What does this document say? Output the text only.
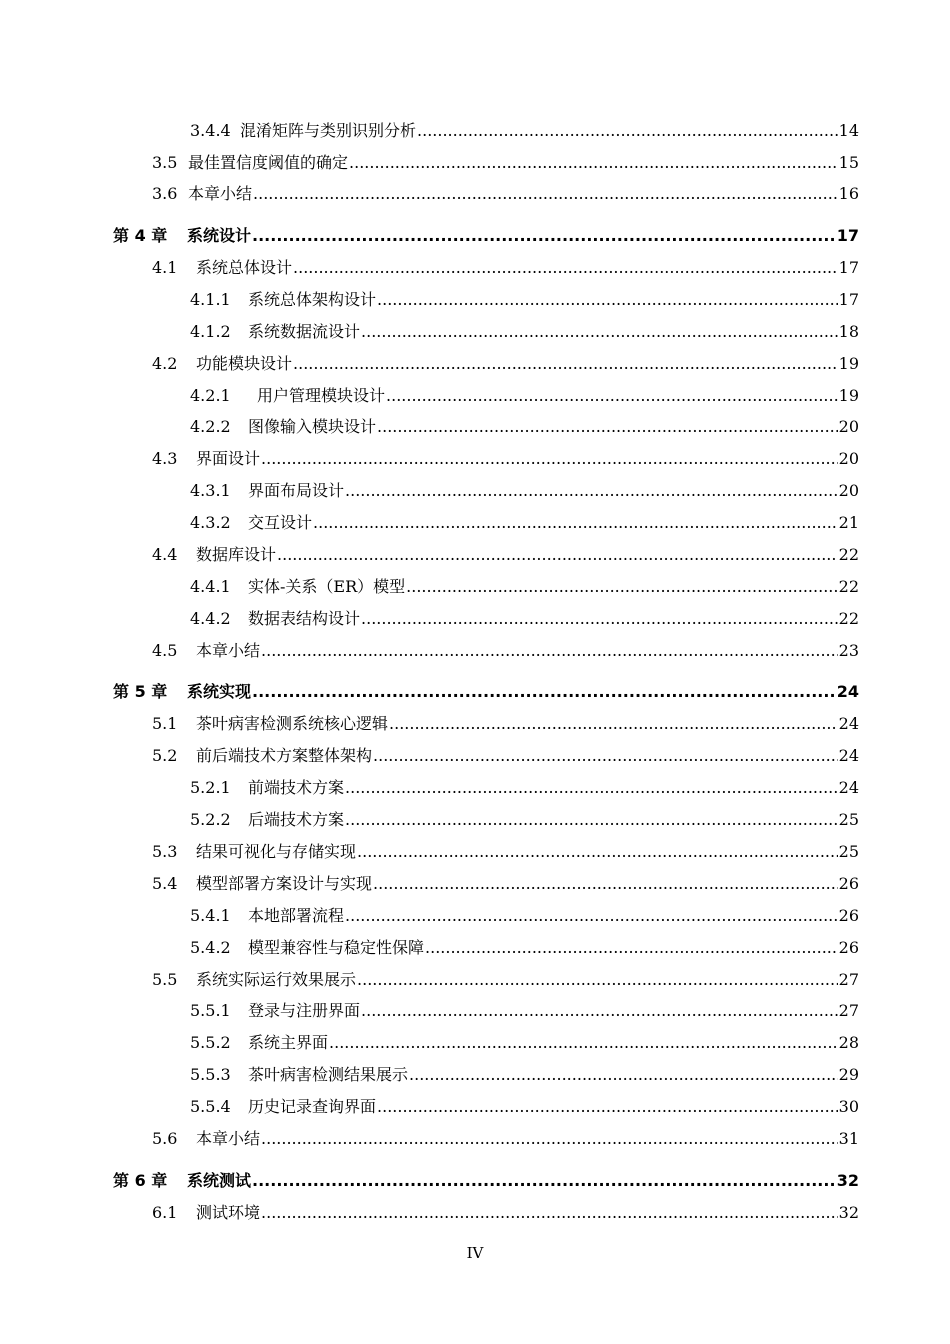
3.4.4 混淆矩阵与类别识别分析 .....	14
3.5 最佳置信度阈值的确定 .....	15
3.6 本章小结 .....	16
第 4 章	系统设计 .....	17
4.1	系统总体设计 .....	17
4.1.1	系统总体架构设计 .....	17
4.1.2	系统数据流设计 .....	18
4.2	功能模块设计 .....	19
4.2.1	用户管理模块设计 .....	19
4.2.2	图像输入模块设计 .....	20
4.3	界面设计 .....	20
4.3.1	界面布局设计 .....	20
4.3.2	交互设计 .....	21
4.4	数据库设计 .....	22
4.4.1	实体-关系（ER）模型 .....	22
4.4.2	数据表结构设计 .....	22
4.5	本章小结 .....	23
第 5 章	系统实现 .....	24
5.1	茶叶病害检测系统核心逻辑 .....	24
5.2	前后端技术方案整体架构 .....	24
5.2.1	前端技术方案 .....	24
5.2.2	后端技术方案 .....	25
5.3	结果可视化与存储实现 .....	25
5.4	模型部署方案设计与实现 .....	26
5.4.1	本地部署流程 .....	26
5.4.2	模型兼容性与稳定性保障 .....	26
5.5	系统实际运行效果展示 .....	27
5.5.1	登录与注册界面 .....	27
5.5.2	系统主界面 .....	28
5.5.3	茶叶病害检测结果展示 .....	29
5.5.4	历史记录查询界面 .....	30
5.6	本章小结 .....	31
第 6 章	系统测试 .....	32
6.1	测试环境 .....	32
IV
